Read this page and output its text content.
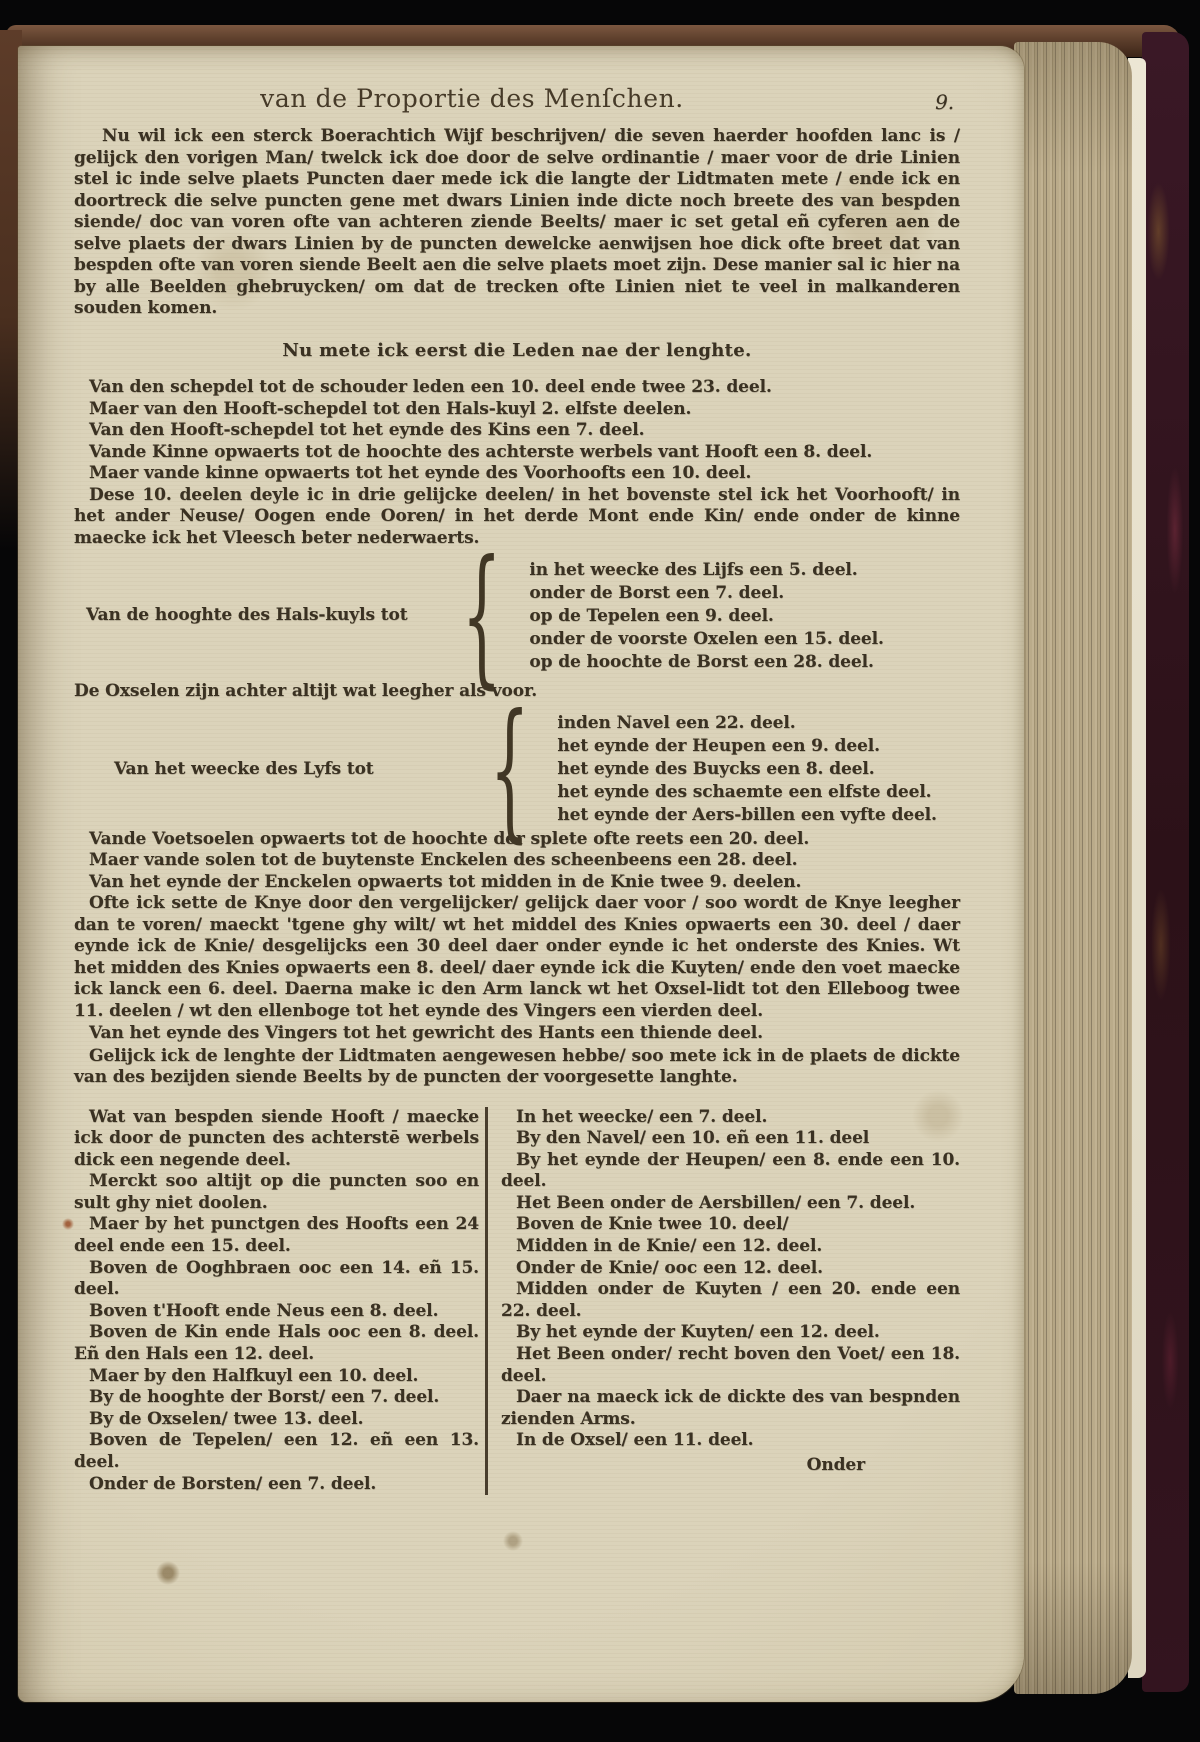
van de Proportie des Menſchen.	9.

Nu wil ick een sterck Boerachtich Wijf beschrijven/ die seven haerder hoofden lanc is / gelijck den vorigen Man/ twelck ick doe door de selve ordinantie / maer voor de drie Linien stel ic inde selve plaets Puncten daer mede ick die langte der Lidtmaten mete / ende ick en doortreck die selve puncten gene met dwars Linien inde dicte noch breete des van bespden siende/ doc van voren ofte van achteren ziende Beelts/ maer ic set getal eñ cyferen aen de selve plaets der dwars Linien by de puncten dewelcke aenwijsen hoe dick ofte breet dat van bespden ofte van voren siende Beelt aen die selve plaets moet zijn. Dese manier sal ic hier na by alle Beelden ghebruycken/ om dat de trecken ofte Linien niet te veel in malkanderen souden komen.

Nu mete ick eerst die Leden nae der lenghte.
Van den schepdel tot de schouder leden een 10. deel ende twee 23. deel.
Maer van den Hooft-schepdel tot den Hals-kuyl 2. elfste deelen.
Van den Hooft-schepdel tot het eynde des Kins een 7. deel.
Vande Kinne opwaerts tot de hoochte des achterste werbels vant Hooft een 8. deel.
Maer vande kinne opwaerts tot het eynde des Voorhoofts een 10. deel.

Dese 10. deelen deyle ic in drie gelijcke deelen/ in het bovenste stel ick het Voorhooft/ in het ander Neuse/ Oogen ende Ooren/ in het derde Mont ende Kin/ ende onder de kinne maecke ick het Vleesch beter nederwaerts.

Van de hooghte des Hals-kuyls tot { in het weecke des Lijfs een 5. deel.
onder de Borst een 7. deel.
op de Tepelen een 9. deel.
onder de voorste Oxelen een 15. deel.
op de hoochte de Borst een 28. deel.
De Oxselen zijn achter altijt wat leegher als voor.
Van het weecke des Lyfs tot { inden Navel een 22. deel.
het eynde der Heupen een 9. deel.
het eynde des Buycks een 8. deel.
het eynde des schaemte een elfste deel.
het eynde der Aers-billen een vyfte deel.
Vande Voetsoelen opwaerts tot de hoochte der splete ofte reets een 20. deel.
Maer vande solen tot de buytenste Enckelen des scheenbeens een 28. deel.
Van het eynde der Enckelen opwaerts tot midden in de Knie twee 9. deelen.

Ofte ick sette de Knye door den vergelijcker/ gelijck daer voor / soo wordt de Knye leegher dan te voren/ maeckt 'tgene ghy wilt/ wt het middel des Knies opwaerts een 30. deel / daer eynde ick de Knie/ desgelijcks een 30 deel daer onder eynde ic het onderste des Knies. Wt het midden des Knies opwaerts een 8. deel/ daer eynde ick die Kuyten/ ende den voet maecke ick lanck een 6. deel. Daerna make ic den Arm lanck wt het Oxsel-lidt tot den Elleboog twee 11. deelen / wt den ellenboge tot het eynde des Vingers een vierden deel.

Van het eynde des Vingers tot het gewricht des Hants een thiende deel.

Gelijck ick de lenghte der Lidtmaten aengewesen hebbe/ soo mete ick in de plaets de dickte van des bezijden siende Beelts by de puncten der voorgesette langhte.

Wat van bespden siende Hooft / maecke ick door de puncten des achterstē werbels dick een negende deel.

Merckt soo altijt op die puncten soo en sult ghy niet doolen.

Maer by het punctgen des Hoofts een 24 deel ende een 15. deel.

Boven de Ooghbraen ooc een 14. eñ 15. deel.

Boven t'Hooft ende Neus een 8. deel.

Boven de Kin ende Hals ooc een 8. deel. Eñ den Hals een 12. deel.

Maer by den Halfkuyl een 10. deel.

By de hooghte der Borst/ een 7. deel.

By de Oxselen/ twee 13. deel.

Boven de Tepelen/ een 12. eñ een 13. deel.

Onder de Borsten/ een 7. deel.

In het weecke/ een 7. deel.

By den Navel/ een 10. eñ een 11. deel

By het eynde der Heupen/ een 8. ende een 10. deel.

Het Been onder de Aersbillen/ een 7. deel.

Boven de Knie twee 10. deel/

Midden in de Knie/ een 12. deel.

Onder de Knie/ ooc een 12. deel.

Midden onder de Kuyten / een 20. ende een 22. deel.

By het eynde der Kuyten/ een 12. deel.

Het Been onder/ recht boven den Voet/ een 18. deel.

Daer na maeck ick de dickte des van bespnden zienden Arms.

In de Oxsel/ een 11. deel.

Onder
